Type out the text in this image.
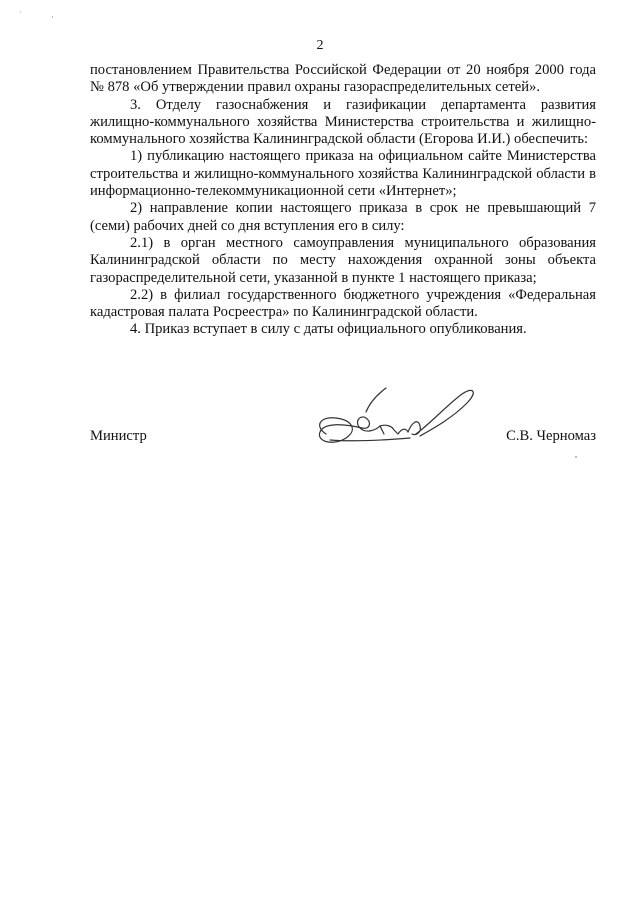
' ,
2

постановлением Правительства Российской Федерации от 20 ноября 2000 года № 878 «Об утверждении правил охраны газораспределительных сетей».

3. Отделу газоснабжения и газификации департамента развития жилищно-коммунального хозяйства Министерства строительства и жилищно-коммунального хозяйства Калининградской области (Егорова И.И.) обеспечить:

1) публикацию настоящего приказа на официальном сайте Министерства строительства и жилищно-коммунального хозяйства Калининградской области в информационно-телекоммуникационной сети «Интернет»;

2) направление копии настоящего приказа в срок не превышающий 7 (семи) рабочих дней со дня вступления его в силу:

2.1) в орган местного самоуправления муниципального образования Калининградской области по месту нахождения охранной зоны объекта газораспределительной сети, указанной в пункте 1 настоящего приказа;

2.2) в филиал государственного бюджетного учреждения «Федеральная кадастровая палата Росреестра» по Калининградской области.

4. Приказ вступает в силу с даты официального опубликования.

Министр	С.В. Черномаз
